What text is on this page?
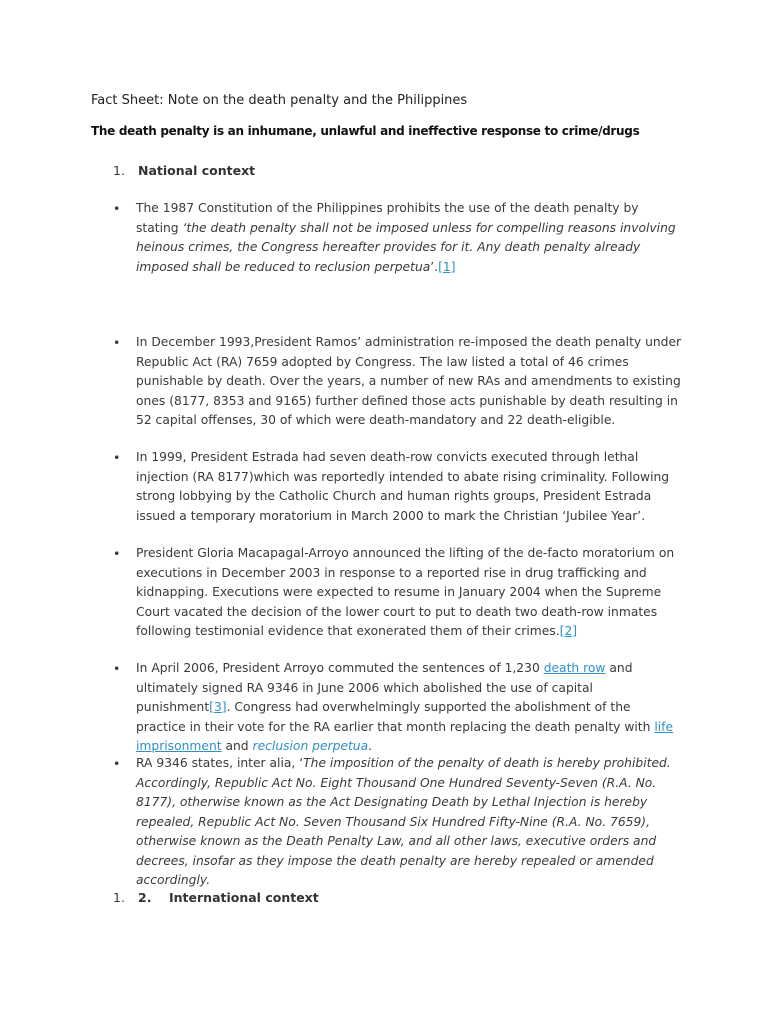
Fact Sheet: Note on the death penalty and the Philippines
The death penalty is an inhumane, unlawful and ineffective response to crime/drugs
1. National context
• The 1987 Constitution of the Philippines prohibits the use of the death penalty by stating ‘the death penalty shall not be imposed unless for compelling reasons involving heinous crimes, the Congress hereafter provides for it. Any death penalty already imposed shall be reduced to reclusion perpetua’.[1]
• In December 1993,President Ramos’ administration re-imposed the death penalty under Republic Act (RA) 7659 adopted by Congress. The law listed a total of 46 crimes punishable by death. Over the years, a number of new RAs and amendments to existing ones (8177, 8353 and 9165) further defined those acts punishable by death resulting in 52 capital offenses, 30 of which were death-mandatory and 22 death-eligible.
• In 1999, President Estrada had seven death-row convicts executed through lethal injection (RA 8177)which was reportedly intended to abate rising criminality. Following strong lobbying by the Catholic Church and human rights groups, President Estrada issued a temporary moratorium in March 2000 to mark the Christian ‘Jubilee Year’.
• President Gloria Macapagal-Arroyo announced the lifting of the de-facto moratorium on executions in December 2003 in response to a reported rise in drug trafficking and kidnapping. Executions were expected to resume in January 2004 when the Supreme Court vacated the decision of the lower court to put to death two death-row inmates following testimonial evidence that exonerated them of their crimes.[2]
• In April 2006, President Arroyo commuted the sentences of 1,230 death row and ultimately signed RA 9346 in June 2006 which abolished the use of capital punishment[3]. Congress had overwhelmingly supported the abolishment of the practice in their vote for the RA earlier that month replacing the death penalty with life imprisonment and reclusion perpetua.
• RA 9346 states, inter alia, ‘The imposition of the penalty of death is hereby prohibited. Accordingly, Republic Act No. Eight Thousand One Hundred Seventy-Seven (R.A. No. 8177), otherwise known as the Act Designating Death by Lethal Injection is hereby repealed, Republic Act No. Seven Thousand Six Hundred Fifty-Nine (R.A. No. 7659), otherwise known as the Death Penalty Law, and all other laws, executive orders and decrees, insofar as they impose the death penalty are hereby repealed or amended accordingly.
1. 2. International context
